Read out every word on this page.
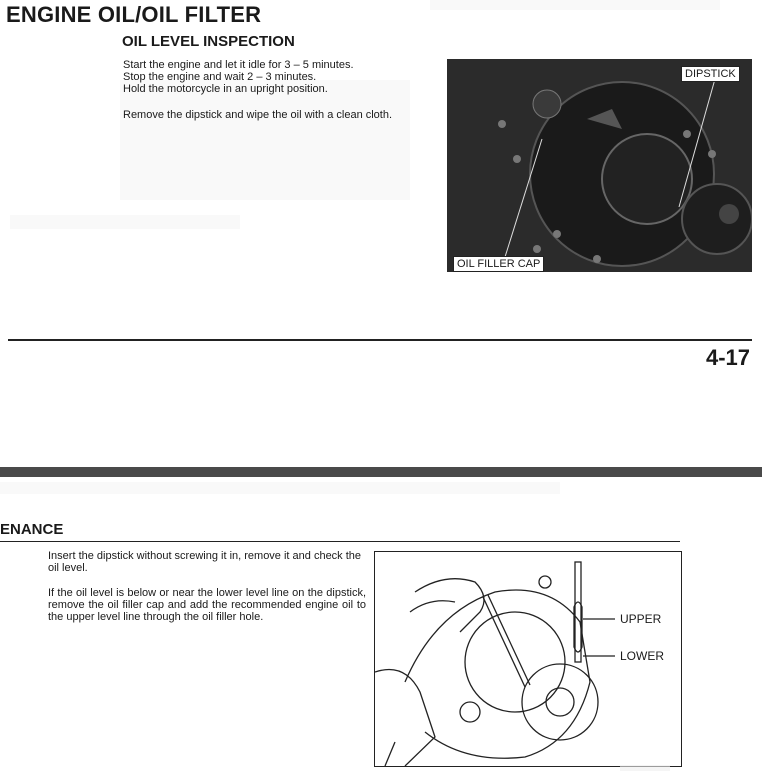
ENGINE OIL/OIL FILTER
OIL LEVEL INSPECTION
Start the engine and let it idle for 3 – 5 minutes.
Stop the engine and wait 2 – 3 minutes.
Hold the motorcycle in an upright position.
Remove the dipstick and wipe the oil with a clean cloth.
DIPSTICK
OIL FILLER CAP
4-17
ENANCE
Insert the dipstick without screwing it in, remove it and check the oil level.
If the oil level is below or near the lower level line on the dipstick, remove the oil filler cap and add the recommended engine oil to the upper level line through the oil filler hole.	UPPER
LOWER
